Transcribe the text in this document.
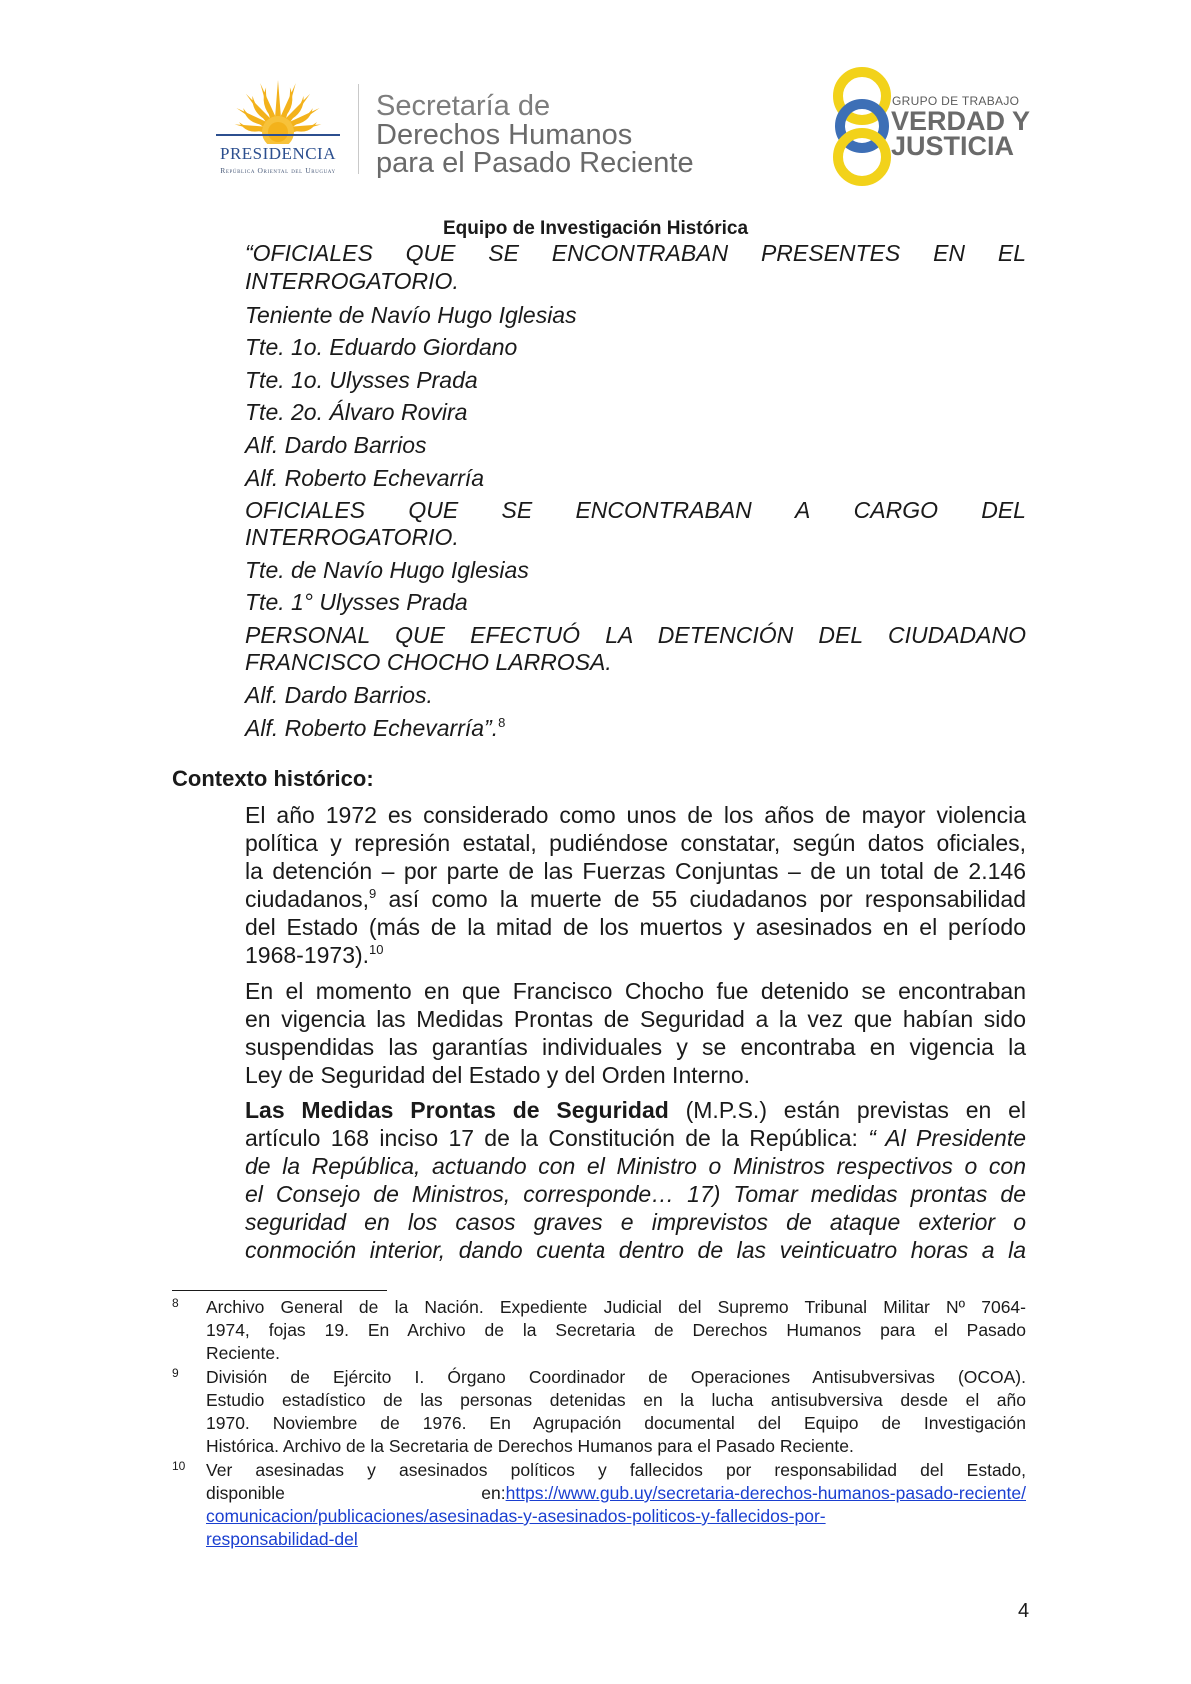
PRESIDENCIA
República Oriental del Uruguay
Secretaría de
Derechos Humanos
para el Pasado Reciente
GRUPO DE TRABAJO
VERDAD Y
JUSTICIA
Equipo de Investigación Histórica
“OFICIALES QUE SE ENCONTRABAN PRESENTES EN EL
INTERROGATORIO.
Teniente de Navío Hugo Iglesias
Tte. 1o. Eduardo Giordano
Tte. 1o. Ulysses Prada
Tte. 2o. Álvaro Rovira
Alf. Dardo Barrios
Alf. Roberto Echevarría
OFICIALES QUE SE ENCONTRABAN A CARGO DEL
INTERROGATORIO.
Tte. de Navío Hugo Iglesias
Tte. 1° Ulysses Prada
PERSONAL QUE EFECTUÓ LA DETENCIÓN DEL CIUDADANO
FRANCISCO CHOCHO LARROSA.
Alf. Dardo Barrios.
Alf. Roberto Echevarría”.$^8$
Contexto histórico:
El año 1972 es considerado como unos de los años de mayor violencia
política y represión estatal, pudiéndose constatar, según datos oficiales,
la detención – por parte de las Fuerzas Conjuntas – de un total de 2.146
ciudadanos,$^9$ así como la muerte de 55 ciudadanos por responsabilidad
del Estado (más de la mitad de los muertos y asesinados en el período
1968-1973).$^{10}$
En el momento en que Francisco Chocho fue detenido se encontraban
en vigencia las Medidas Prontas de Seguridad a la vez que habían sido
suspendidas las garantías individuales y se encontraba en vigencia la
Ley de Seguridad del Estado y del Orden Interno.
Las Medidas Prontas de Seguridad (M.P.S.) están previstas en el
artículo 168 inciso 17 de la Constitución de la República: “ Al Presidente
de la República, actuando con el Ministro o Ministros respectivos o con
el Consejo de Ministros, corresponde… 17) Tomar medidas prontas de
seguridad en los casos graves e imprevistos de ataque exterior o
conmoción interior, dando cuenta dentro de las veinticuatro horas a la
8 Archivo General de la Nación. Expediente Judicial del Supremo Tribunal Militar Nº 7064-
1974, fojas 19. En Archivo de la Secretaria de Derechos Humanos para el Pasado
Reciente.
9 División de Ejército I. Órgano Coordinador de Operaciones Antisubversivas (OCOA).
Estudio estadístico de las personas detenidas en la lucha antisubversiva desde el año
1970. Noviembre de 1976. En Agrupación documental del Equipo de Investigación
Histórica. Archivo de la Secretaria de Derechos Humanos para el Pasado Reciente.
10 Ver asesinadas y asesinados políticos y fallecidos por responsabilidad del Estado,
disponible	en:https://www.gub.uy/secretaria-derechos-humanos-pasado-reciente/
comunicacion/publicaciones/asesinadas-y-asesinados-politicos-y-fallecidos-por-
responsabilidad-del
4
